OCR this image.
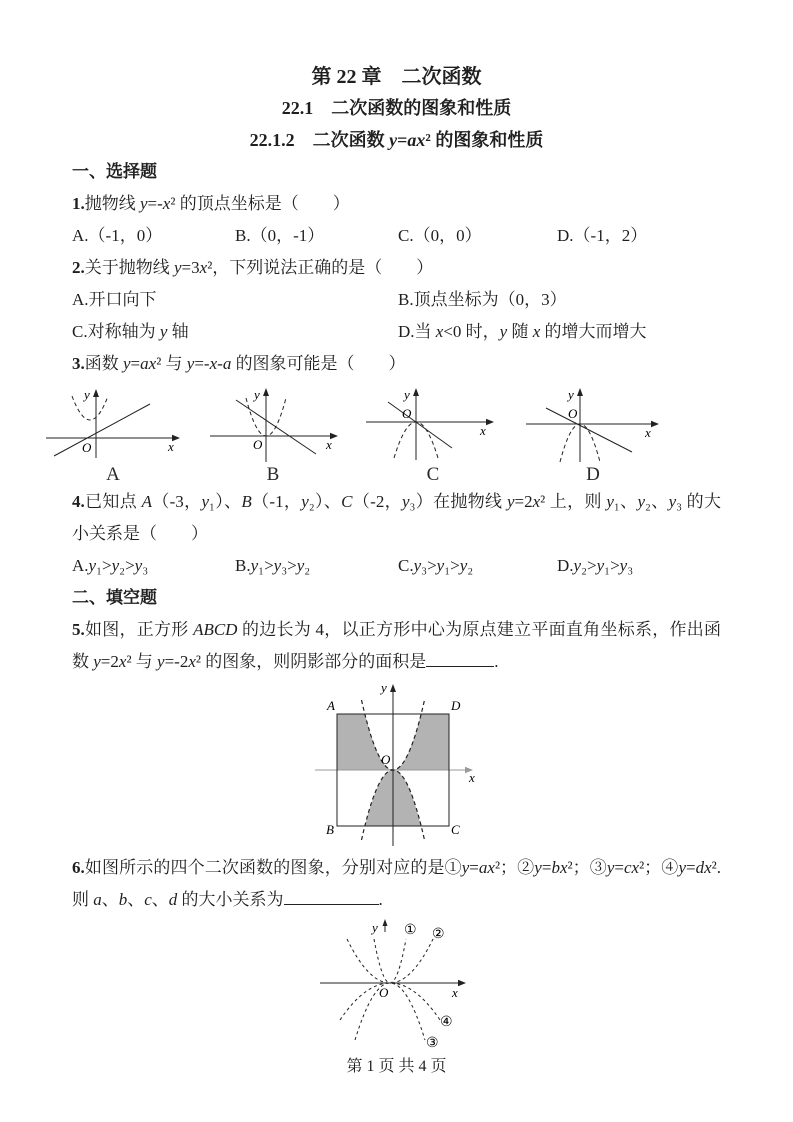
第 22 章　二次函数
22.1　二次函数的图象和性质
22.1.2　二次函数 y=ax² 的图象和性质
一、选择题

1.抛物线 y=-x² 的顶点坐标是（　　）

A.（-1，0）	B.（0，-1）	C.（0，0）	D.（-1，2）

2.关于抛物线 y=3x²，下列说法正确的是（　　）

A.开口向下	B.顶点坐标为（0，3）
C.对称轴为 y 轴	D.当 x<0 时，y 随 x 的增大而增大

3.函数 y=ax² 与 y=-x-a 的图象可能是（　　）

O	x
y
A
O	x
y
B
O
x
y
C
O
x
y
D

4.已知点 A（-3，y₁）、B（-1，y₂）、C（-2，y₃）在抛物线 y=2x² 上，则 y₁、y₂、y₃ 的大小关系是（　　）

A.y₁>y₂>y₃	B.y₁>y₃>y₂	C.y₃>y₁>y₂	D.y₂>y₁>y₃
二、填空题

5.如图，正方形 ABCD 的边长为 4，以正方形中心为原点建立平面直角坐标系，作出函数 y=2x² 与 y=-2x² 的图象，则阴影部分的面积是	.

A	D
B	C
O
x
y

6.如图所示的四个二次函数的图象，分别对应的是①y=ax²；②y=bx²；③y=cx²；④y=dx².则 a、b、c、d 的大小关系为	.

O	x
y ① ②
④
③
第 1 页 共 4 页
